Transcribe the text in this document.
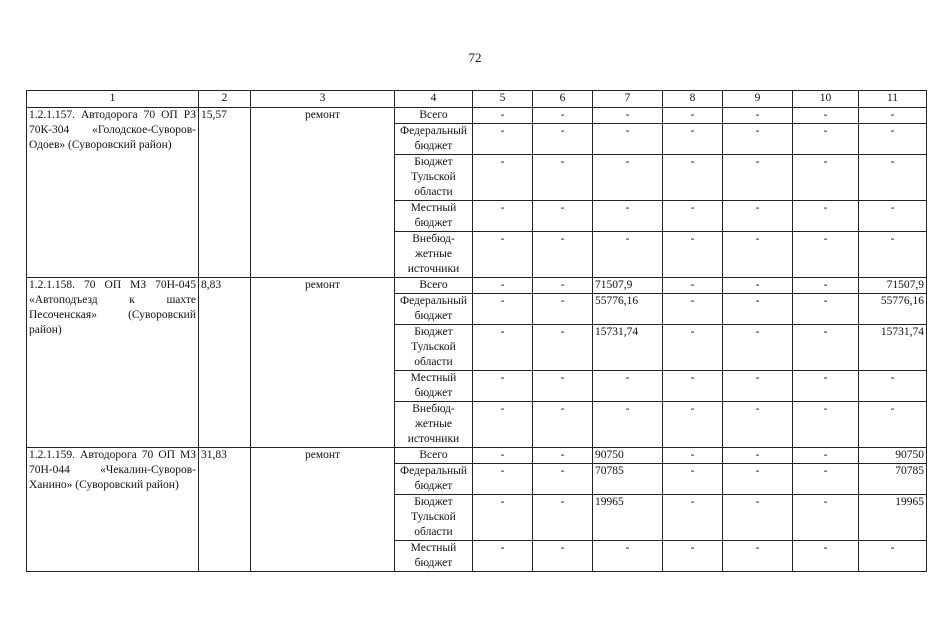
72
1	2	3	4	5	6	7	8	9	10	11
1.2.1.157. Автодорога 70 ОП РЗ 70К-304 «Голодское-Суворов-Одоев» (Суворовский район)	15,57	ремонт	Всего	-	-	-	-	-	-	-
			Федеральный бюджет	-	-	-	-	-	-	-
			Бюджет Тульской области	-	-	-	-	-	-	-
			Местный бюджет	-	-	-	-	-	-	-
			Внебюд-жетные источники	-	-	-	-	-	-	-
1.2.1.158. 70 ОП МЗ 70Н-045 «Автоподъезд к шахте Песоченская» (Суворовский район)	8,83	ремонт	Всего	-	-	71507,9	-	-	-	71507,9
			Федеральный бюджет	-	-	55776,16	-	-	-	55776,16
			Бюджет Тульской области	-	-	15731,74	-	-	-	15731,74
			Местный бюджет	-	-	-	-	-	-	-
			Внебюд-жетные источники	-	-	-	-	-	-	-
1.2.1.159. Автодорога 70 ОП МЗ 70Н-044 «Чекалин-Суворов-Ханино» (Суворовский район)	31,83	ремонт	Всего	-	-	90750	-	-	-	90750
			Федеральный бюджет	-	-	70785	-	-	-	70785
			Бюджет Тульской области	-	-	19965	-	-	-	19965
			Местный бюджет	-	-	-	-	-	-	-
